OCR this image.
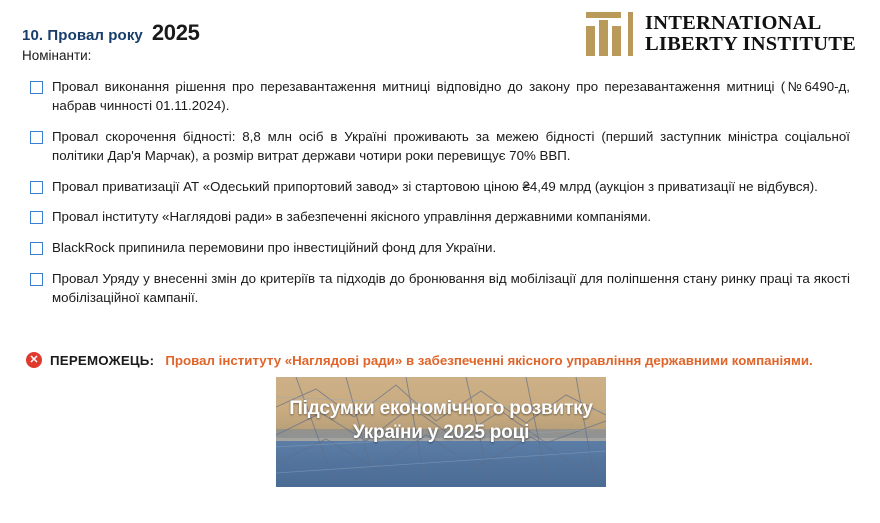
10. Провал року 2025
Номінанти:
INTERNATIONAL
LIBERTY INSTITUTE
Провал виконання рішення про перезавантаження митниці відповідно до закону про перезавантаження митниці (№6490-д, набрав чинності 01.11.2024).
Провал скорочення бідності: 8,8 млн осіб в Україні проживають за межею бідності (перший заступник міністра соціальної політики Дар'я Марчак), а розмір витрат держави чотири роки перевищує 70% ВВП.
Провал приватизації АТ «Одеський припортовий завод» зі стартовою ціною ₴4,49 млрд (аукціон з приватизації не відбувся).
Провал інституту «Наглядові ради» в забезпеченні якісного управління державними компаніями.
BlackRock припинила перемовини про інвестиційний фонд для України.
Провал Уряду у внесенні змін до критеріїв та підходів до бронювання від мобілізації для поліпшення стану ринку праці та якості мобілізаційної кампанії.
✕ ПЕРЕМОЖЕЦЬ: Провал інституту «Наглядові ради» в забезпеченні якісного управління державними компаніями.
Підсумки економічного розвитку
України у 2025 році
